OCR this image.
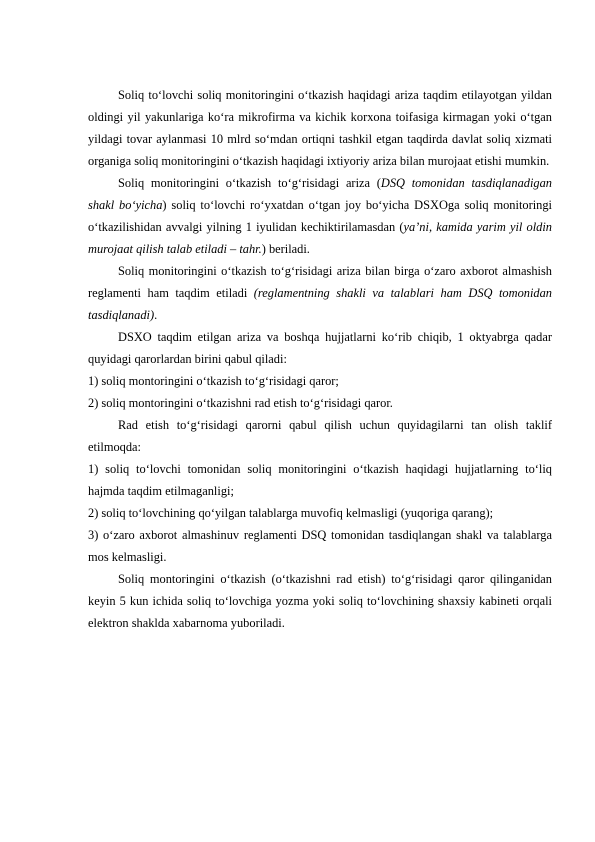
Soliq toʻlovchi soliq monitoringini oʻtkazish haqidagi ariza taqdim etilayotgan yildan oldingi yil yakunlariga koʻra mikrofirma va kichik korxona toifasiga kirmagan yoki oʻtgan yildagi tovar aylanmasi 10 mlrd soʻmdan ortiqni tashkil etgan taqdirda davlat soliq xizmati organiga soliq monitoringini oʻtkazish haqidagi ixtiyoriy ariza bilan murojaat etishi mumkin.

Soliq monitoringini oʻtkazish toʻgʻrisidagi ariza (DSQ tomonidan tasdiqlanadigan shakl boʻyicha) soliq toʻlovchi roʻyxatdan oʻtgan joy boʻyicha DSXOga soliq monitoringi oʻtkazilishidan avvalgi yilning 1 iyulidan kechiktirilamasdan (yaʼni, kamida yarim yil oldin murojaat qilish talab etiladi – tahr.) beriladi.

Soliq monitoringini oʻtkazish toʻgʻrisidagi ariza bilan birga oʻzaro axborot almashish reglamenti ham taqdim etiladi (reglamentning shakli va talablari ham DSQ tomonidan tasdiqlanadi).

DSXO taqdim etilgan ariza va boshqa hujjatlarni koʻrib chiqib, 1 oktyabrga qadar quyidagi qarorlardan birini qabul qiladi:

1) soliq montoringini oʻtkazish toʻgʻrisidagi qaror;

2) soliq montoringini oʻtkazishni rad etish toʻgʻrisidagi qaror.

Rad etish toʻgʻrisidagi qarorni qabul qilish uchun quyidagilarni tan olish taklif etilmoqda:

1) soliq toʻlovchi tomonidan soliq monitoringini oʻtkazish haqidagi hujjatlarning toʻliq hajmda taqdim etilmaganligi;

2) soliq toʻlovchining qoʻyilgan talablarga muvofiq kelmasligi (yuqoriga qarang);

3) oʻzaro axborot almashinuv reglamenti DSQ tomonidan tasdiqlangan shakl va talablarga mos kelmasligi.

Soliq montoringini oʻtkazish (oʻtkazishni rad etish) toʻgʻrisidagi qaror qilinganidan keyin 5 kun ichida soliq toʻlovchiga yozma yoki soliq toʻlovchining shaxsiy kabineti orqali elektron shaklda xabarnoma yuboriladi.
